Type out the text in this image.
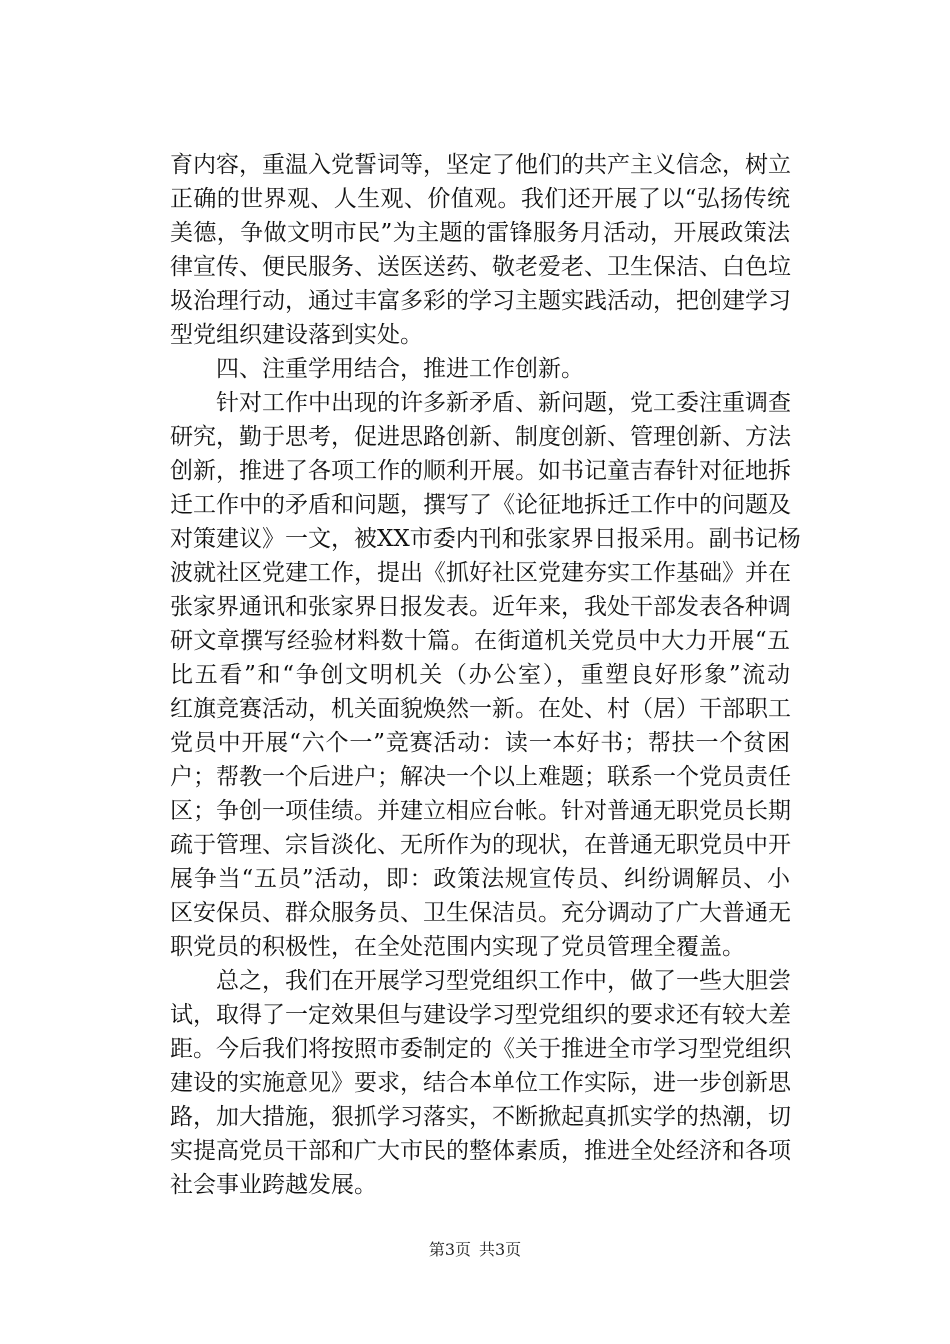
育内容，重温入党誓词等，坚定了他们的共产主义信念，树立
正确的世界观、人生观、价值观。我们还开展了以“弘扬传统
美德，争做文明市民”为主题的雷锋服务月活动，开展政策法
律宣传、便民服务、送医送药、敬老爱老、卫生保洁、白色垃
圾治理行动，通过丰富多彩的学习主题实践活动，把创建学习
型党组织建设落到实处。
四、注重学用结合，推进工作创新。
针对工作中出现的许多新矛盾、新问题，党工委注重调查
研究，勤于思考，促进思路创新、制度创新、管理创新、方法
创新，推进了各项工作的顺利开展。如书记童吉春针对征地拆
迁工作中的矛盾和问题，撰写了《论征地拆迁工作中的问题及
对策建议》一文，被XX市委内刊和张家界日报采用。副书记杨
波就社区党建工作，提出《抓好社区党建夯实工作基础》并在
张家界通讯和张家界日报发表。近年来，我处干部发表各种调
研文章撰写经验材料数十篇。在街道机关党员中大力开展“五
比五看”和“争创文明机关（办公室），重塑良好形象”流动
红旗竞赛活动，机关面貌焕然一新。在处、村（居）干部职工
党员中开展“六个一”竞赛活动：读一本好书；帮扶一个贫困
户；帮教一个后进户；解决一个以上难题；联系一个党员责任
区；争创一项佳绩。并建立相应台帐。针对普通无职党员长期
疏于管理、宗旨淡化、无所作为的现状，在普通无职党员中开
展争当“五员”活动，即：政策法规宣传员、纠纷调解员、小
区安保员、群众服务员、卫生保洁员。充分调动了广大普通无
职党员的积极性，在全处范围内实现了党员管理全覆盖。
总之，我们在开展学习型党组织工作中，做了一些大胆尝
试，取得了一定效果但与建设学习型党组织的要求还有较大差
距。今后我们将按照市委制定的《关于推进全市学习型党组织
建设的实施意见》要求，结合本单位工作实际，进一步创新思
路，加大措施，狠抓学习落实，不断掀起真抓实学的热潮，切
实提高党员干部和广大市民的整体素质，推进全处经济和各项
社会事业跨越发展。
第3页 共3页
